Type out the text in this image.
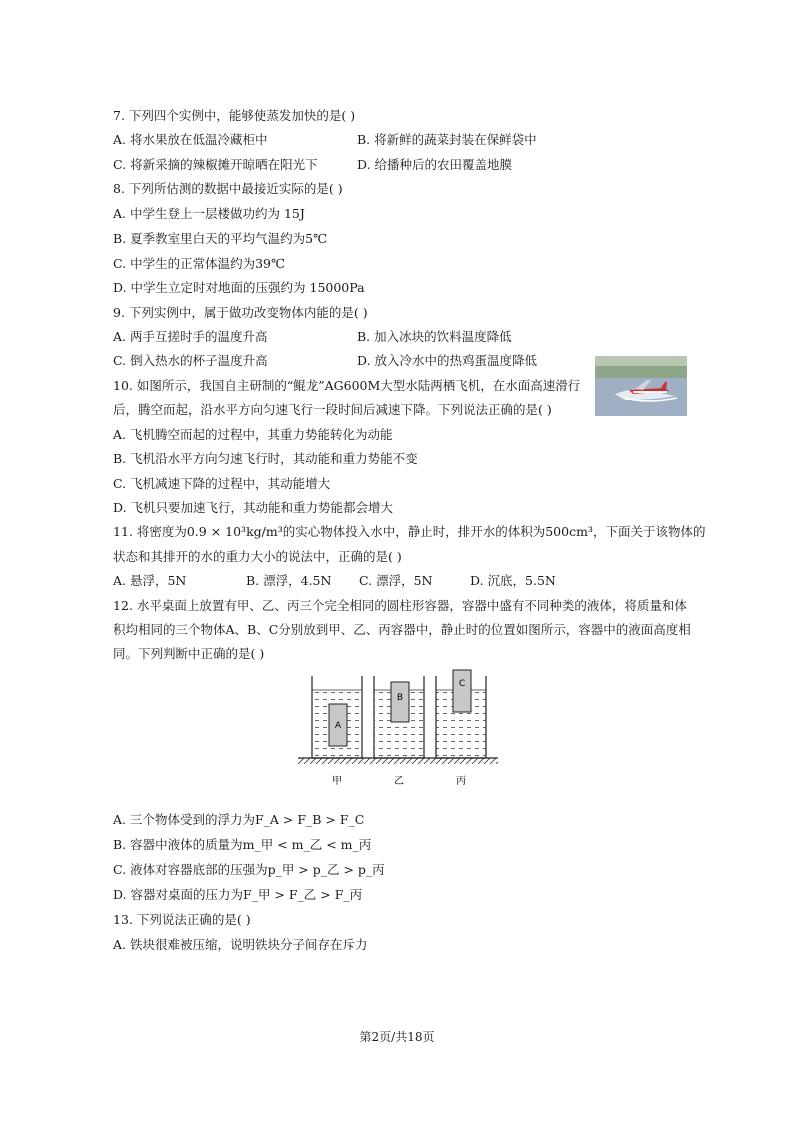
7. 下列四个实例中，能够使蒸发加快的是( )
A. 将水果放在低温冷藏柜中	B. 将新鲜的蔬菜封装在保鲜袋中
C. 将新采摘的辣椒摊开晾晒在阳光下	D. 给播种后的农田覆盖地膜
8. 下列所估测的数据中最接近实际的是( )
A. 中学生登上一层楼做功约为 15J
B. 夏季教室里白天的平均气温约为5℃
C. 中学生的正常体温约为39℃
D. 中学生立定时对地面的压强约为 15000Pa
9. 下列实例中，属于做功改变物体内能的是( )
A. 两手互搓时手的温度升高	B. 加入冰块的饮料温度降低
C. 倒入热水的杯子温度升高	D. 放入冷水中的热鸡蛋温度降低
10. 如图所示，我国自主研制的“鲲龙”AG600M大型水陆两栖飞机，在水面高速滑行
后，腾空而起，沿水平方向匀速飞行一段时间后减速下降。下列说法正确的是( )
A. 飞机腾空而起的过程中，其重力势能转化为动能
B. 飞机沿水平方向匀速飞行时，其动能和重力势能不变
C. 飞机减速下降的过程中，其动能增大
D. 飞机只要加速飞行，其动能和重力势能都会增大
11. 将密度为0.9 × 10³kg/m³的实心物体投入水中，静止时，排开水的体积为500cm³，下面关于该物体的
状态和其排开的水的重力大小的说法中，正确的是( )
A. 悬浮，5N	B. 漂浮，4.5N C. 漂浮，5N	D. 沉底，5.5N
12. 水平桌面上放置有甲、乙、丙三个完全相同的圆柱形容器，容器中盛有不同种类的液体，将质量和体
积均相同的三个物体A、B、C分别放到甲、乙、丙容器中，静止时的位置如图所示，容器中的液面高度相
同。下列判断中正确的是( )
A
B
C
甲	乙	丙
A. 三个物体受到的浮力为F_A > F_B > F_C
B. 容器中液体的质量为m_甲 < m_乙 < m_丙
C. 液体对容器底部的压强为p_甲 > p_乙 > p_丙
D. 容器对桌面的压力为F_甲 > F_乙 > F_丙
13. 下列说法正确的是( )
A. 铁块很难被压缩，说明铁块分子间存在斥力
第2页/共18页
